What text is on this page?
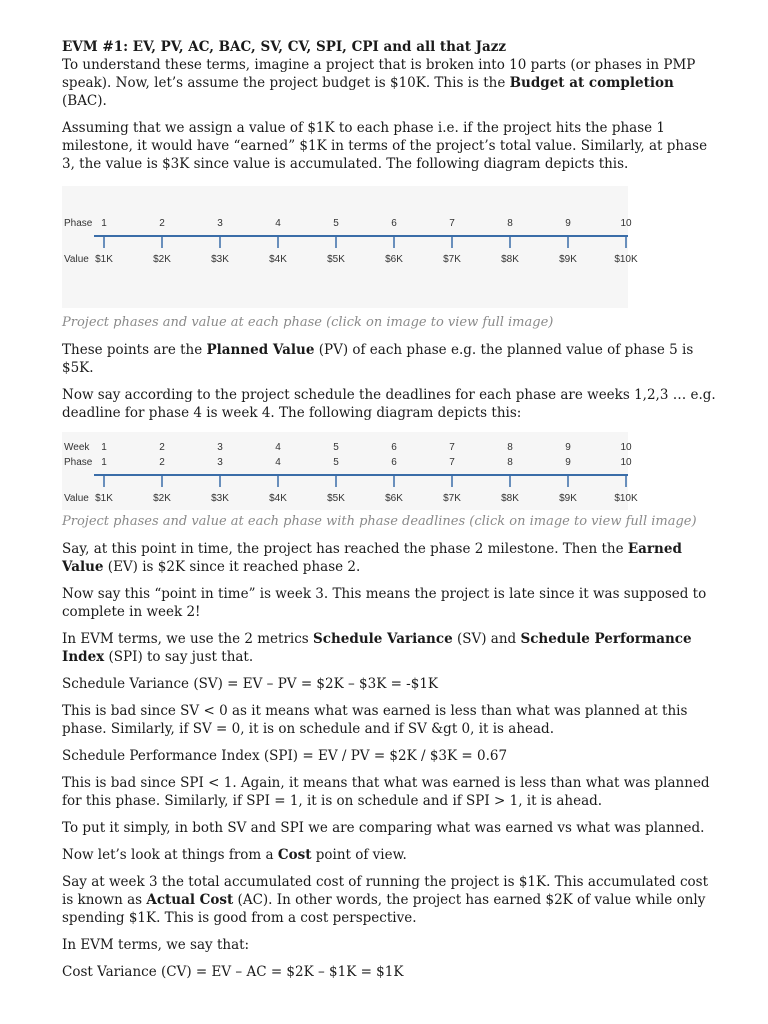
EVM #1: EV, PV, AC, BAC, SV, CV, SPI, CPI and all that Jazz

To understand these terms, imagine a project that is broken into 10 parts (or phases in PMP speak). Now, let’s assume the project budget is $10K. This is the Budget at completion (BAC).

Assuming that we assign a value of $1K to each phase i.e. if the project hits the phase 1 milestone, it would have “earned” $1K in terms of the project’s total value. Similarly, at phase 3, the value is $3K since value is accumulated. The following diagram depicts this.

Phase
Value
1
$1K
2
$2K
3
$3K
4
$4K
5
$5K
6
$6K
7
$7K
8
$8K
9
$9K
10
$10K

Project phases and value at each phase (click on image to view full image)

These points are the Planned Value (PV) of each phase e.g. the planned value of phase 5 is $5K.

Now say according to the project schedule the deadlines for each phase are weeks 1,2,3 … e.g. deadline for phase 4 is week 4. The following diagram depicts this:

Week
Phase
Value
1
1
$1K
2
2
$2K
3
3
$3K
4
4
$4K
5
5
$5K
6
6
$6K
7
7
$7K
8
8
$8K
9
9
$9K
10
10
$10K

Project phases and value at each phase with phase deadlines (click on image to view full image)

Say, at this point in time, the project has reached the phase 2 milestone. Then the Earned Value (EV) is $2K since it reached phase 2.

Now say this “point in time” is week 3. This means the project is late since it was supposed to complete in week 2!

In EVM terms, we use the 2 metrics Schedule Variance (SV) and Schedule Performance Index (SPI) to say just that.

Schedule Variance (SV) = EV – PV = $2K – $3K = -$1K

This is bad since SV < 0 as it means what was earned is less than what was planned at this phase. Similarly, if SV = 0, it is on schedule and if SV &gt 0, it is ahead.

Schedule Performance Index (SPI) = EV / PV = $2K / $3K = 0.67

This is bad since SPI < 1. Again, it means that what was earned is less than what was planned for this phase. Similarly, if SPI = 1, it is on schedule and if SPI > 1, it is ahead.

To put it simply, in both SV and SPI we are comparing what was earned vs what was planned.

Now let’s look at things from a Cost point of view.

Say at week 3 the total accumulated cost of running the project is $1K. This accumulated cost is known as Actual Cost (AC). In other words, the project has earned $2K of value while only spending $1K. This is good from a cost perspective.

In EVM terms, we say that:

Cost Variance (CV) = EV – AC = $2K – $1K = $1K
